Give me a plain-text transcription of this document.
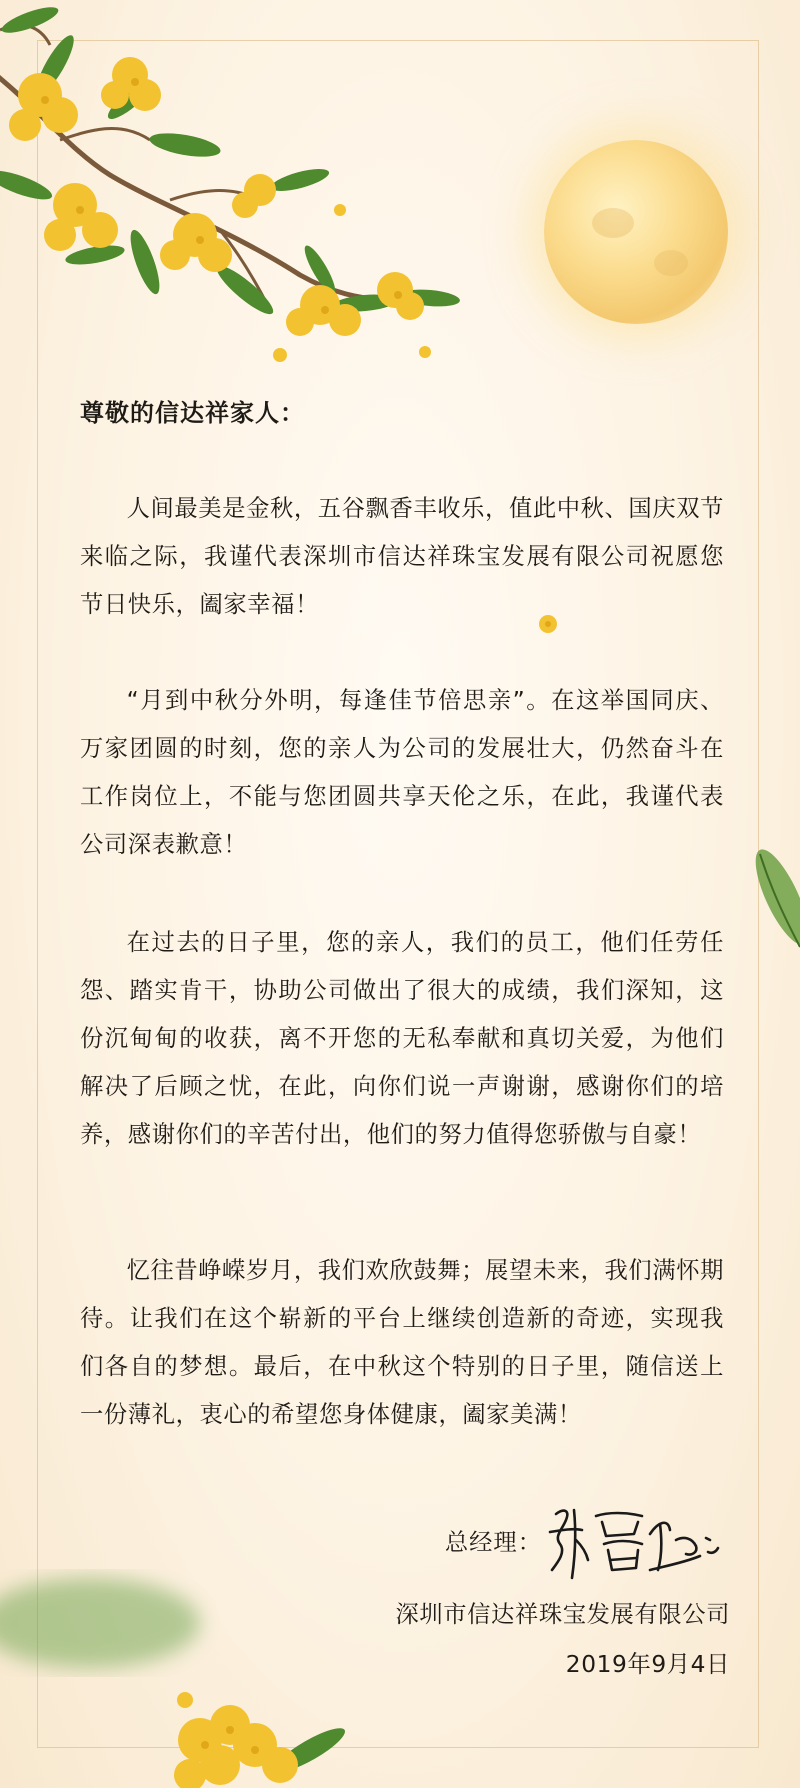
尊敬的信达祥家人：

人间最美是金秋，五谷飘香丰收乐，值此中秋、国庆双节来临之际，我谨代表深圳市信达祥珠宝发展有限公司祝愿您节日快乐，阖家幸福！

“月到中秋分外明，每逢佳节倍思亲”。在这举国同庆、万家团圆的时刻，您的亲人为公司的发展壮大，仍然奋斗在工作岗位上，不能与您团圆共享天伦之乐，在此，我谨代表公司深表歉意！

在过去的日子里，您的亲人，我们的员工，他们任劳任怨、踏实肯干，协助公司做出了很大的成绩，我们深知，这份沉甸甸的收获，离不开您的无私奉献和真切关爱，为他们解决了后顾之忧，在此，向你们说一声谢谢，感谢你们的培养，感谢你们的辛苦付出，他们的努力值得您骄傲与自豪！

忆往昔峥嵘岁月，我们欢欣鼓舞；展望未来，我们满怀期待。让我们在这个崭新的平台上继续创造新的奇迹，实现我们各自的梦想。最后，在中秋这个特别的日子里，随信送上一份薄礼，衷心的希望您身体健康，阖家美满！

总经理：

深圳市信达祥珠宝发展有限公司

2019年9月4日
